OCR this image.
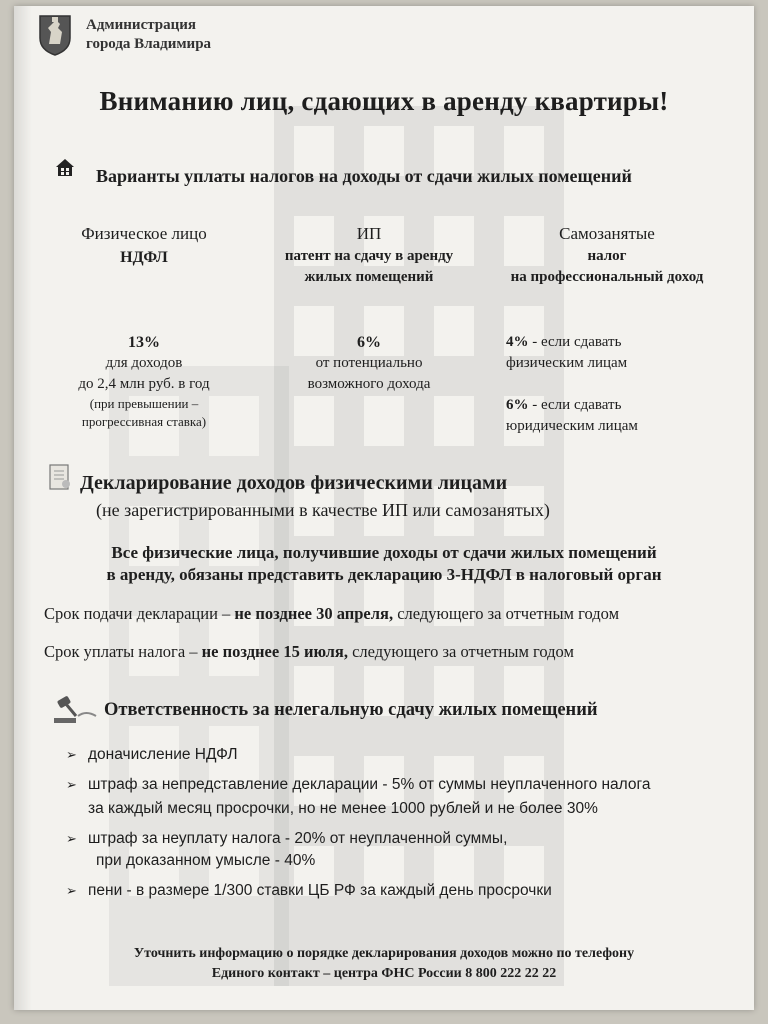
Администрация
города Владимира
Вниманию лиц, сдающих в аренду квартиры!
Варианты уплаты налогов на доходы от сдачи жилых помещений
Физическое лицо
НДФЛ
ИП
патент на сдачу в аренду
жилых помещений
Самозанятые
налог
на профессиональный доход
13%
для доходов
до 2,4 млн руб. в год
(при превышении –
прогрессивная ставка)
6%
от потенциально
возможного дохода
4% - если сдавать
физическим лицам
6% - если сдавать
юридическим лицам
Декларирование доходов физическими лицами
(не зарегистрированными в качестве ИП или самозанятых)
Все физические лица, получившие доходы от сдачи жилых помещений
в аренду, обязаны представить декларацию 3-НДФЛ в налоговый орган
Срок подачи декларации – не позднее 30 апреля, следующего за отчетным годом
Срок уплаты налога – не позднее 15 июля, следующего за отчетным годом
Ответственность за нелегальную сдачу жилых помещений
➢ доначисление НДФЛ
➢ штраф за непредставление декларации - 5% от суммы неуплаченного налога
за каждый месяц просрочки, но не менее 1000 рублей и не более 30%
➢ штраф за неуплату налога - 20% от неуплаченной суммы,
при доказанном умысле - 40%
➢ пени - в размере 1/300 ставки ЦБ РФ за каждый день просрочки
Уточнить информацию о порядке декларирования доходов можно по телефону
Единого контакт – центра ФНС России 8 800 222 22 22
